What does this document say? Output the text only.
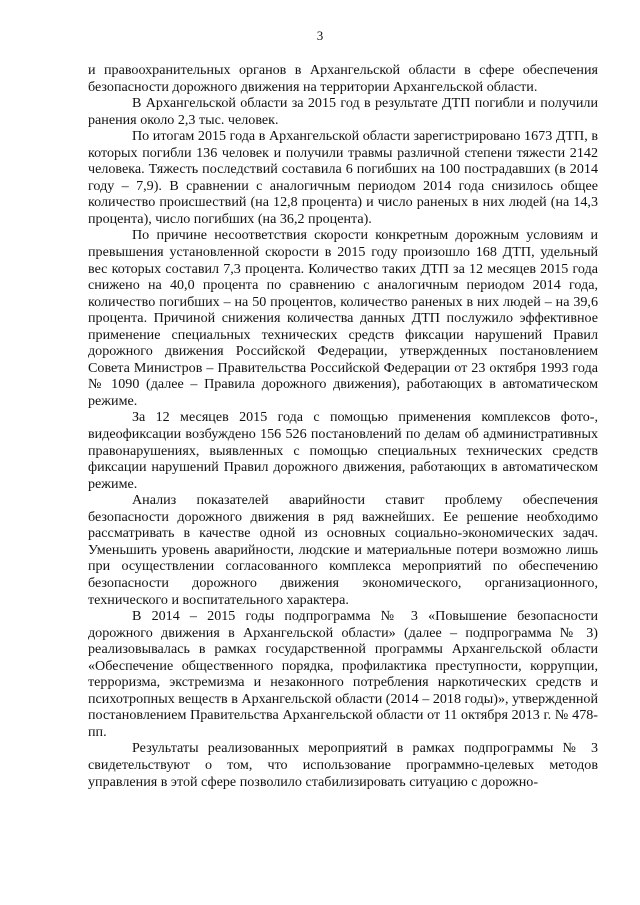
3

и правоохранительных органов в Архангельской области в сфере обеспечения безопасности дорожного движения на территории Архангельской области.

В Архангельской области за 2015 год в результате ДТП погибли и получили ранения около 2,3 тыс. человек.

По итогам 2015 года в Архангельской области зарегистрировано 1673 ДТП, в которых погибли 136 человек и получили травмы различной степени тяжести 2142 человека. Тяжесть последствий составила 6 погибших на 100 пострадавших (в 2014 году – 7,9). В сравнении с аналогичным периодом 2014 года снизилось общее количество происшествий (на 12,8 процента) и число раненых в них людей (на 14,3 процента), число погибших (на 36,2 процента).

По причине несоответствия скорости конкретным дорожным условиям и превышения установленной скорости в 2015 году произошло 168 ДТП, удельный вес которых составил 7,3 процента. Количество таких ДТП за 12 месяцев 2015 года снижено на 40,0 процента по сравнению с аналогичным периодом 2014 года, количество погибших – на 50 процентов, количество раненых в них людей – на 39,6 процента. Причиной снижения количества данных ДТП послужило эффективное применение специальных технических средств фиксации нарушений Правил дорожного движения Российской Федерации, утвержденных постановлением Совета Министров – Правительства Российской Федерации от 23 октября 1993 года № 1090 (далее – Правила дорожного движения), работающих в автоматическом режиме.

За 12 месяцев 2015 года с помощью применения комплексов фото-, видеофиксации возбуждено 156 526 постановлений по делам об административных правонарушениях, выявленных с помощью специальных технических средств фиксации нарушений Правил дорожного движения, работающих в автоматическом режиме.

Анализ показателей аварийности ставит проблему обеспечения безопасности дорожного движения в ряд важнейших. Ее решение необходимо рассматривать в качестве одной из основных социально-экономических задач. Уменьшить уровень аварийности, людские и материальные потери возможно лишь при осуществлении согласованного комплекса мероприятий по обеспечению безопасности дорожного движения экономического, организационного, технического и воспитательного характера.

В 2014 – 2015 годы подпрограмма № 3 «Повышение безопасности дорожного движения в Архангельской области» (далее – подпрограмма № 3) реализовывалась в рамках государственной программы Архангельской области «Обеспечение общественного порядка, профилактика преступности, коррупции, терроризма, экстремизма и незаконного потребления наркотических средств и психотропных веществ в Архангельской области (2014 – 2018 годы)», утвержденной постановлением Правительства Архангельской области от 11 октября 2013 г. № 478-пп.

Результаты реализованных мероприятий в рамках подпрограммы № 3 свидетельствуют о том, что использование программно-целевых методов управления в этой сфере позволило стабилизировать ситуацию с дорожно-
